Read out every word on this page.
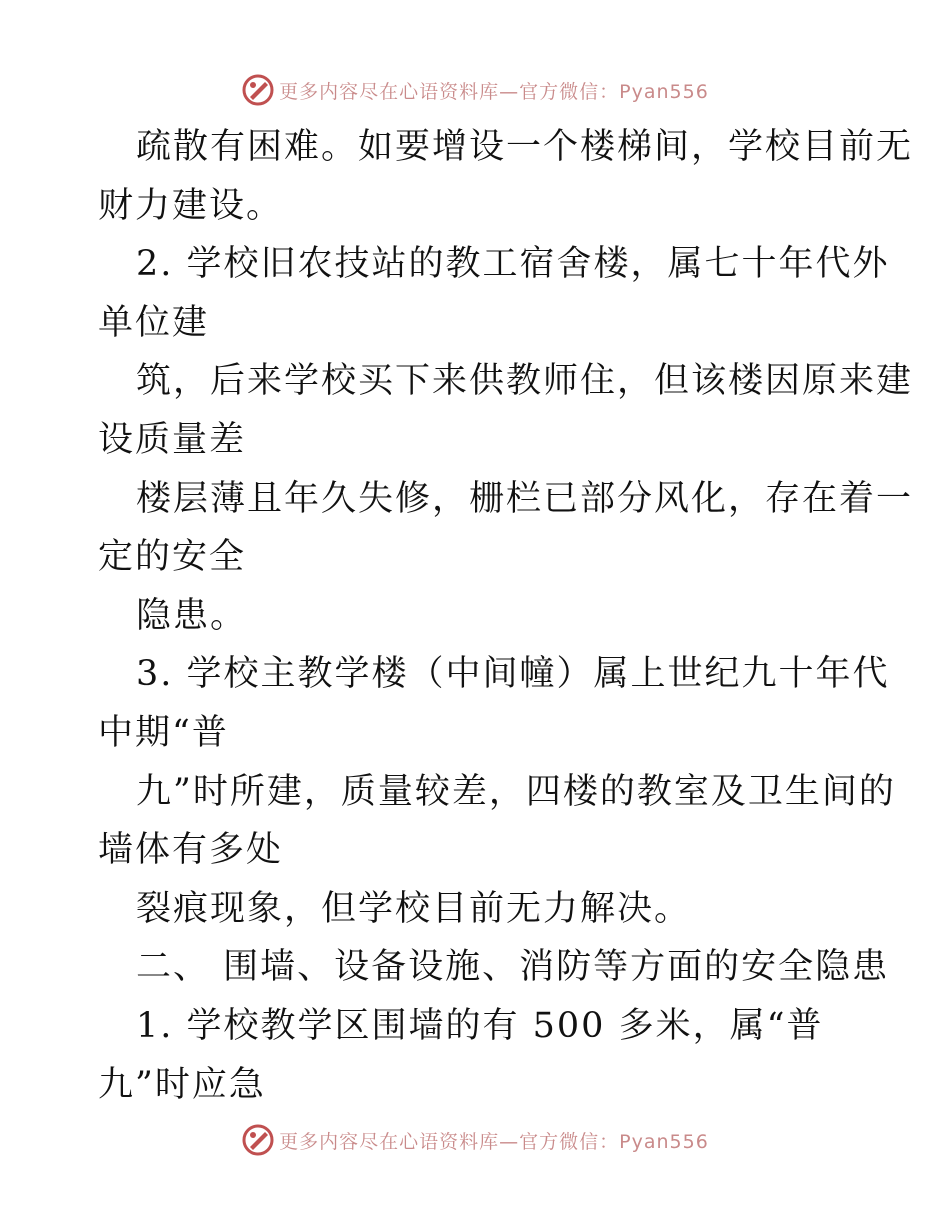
更多内容尽在心语资料库—官方微信：Pyan556
疏散有困难。如要增设一个楼梯间，学校目前无
财力建设。
2. 学校旧农技站的教工宿舍楼，属七十年代外
单位建
筑，后来学校买下来供教师住，但该楼因原来建
设质量差
楼层薄且年久失修，栅栏已部分风化，存在着一
定的安全
隐患。
3. 学校主教学楼（中间幢）属上世纪九十年代
中期“普
九”时所建，质量较差，四楼的教室及卫生间的
墙体有多处
裂痕现象，但学校目前无力解决。
二、 围墙、设备设施、消防等方面的安全隐患
1. 学校教学区围墙的有 500 多米，属“普
九”时应急
更多内容尽在心语资料库—官方微信：Pyan556
